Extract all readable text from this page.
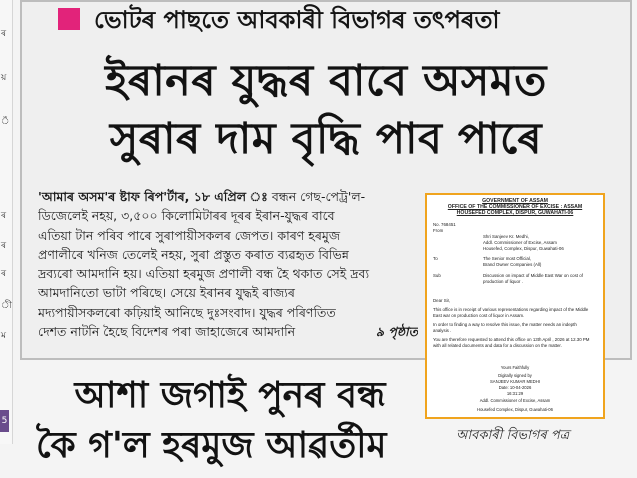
ৰ
য়
ঁ
ৰ
ৰ
ৰ
ী
ম
5
ভোটৰ পাছতে আবকাৰী বিভাগৰ তৎপৰতা
ইৰানৰ যুদ্ধৰ বাবে অসমত
সুৰাৰ দাম বৃদ্ধি পাব পাৰে
'আমাৰ অসম'ৰ ষ্টাফ ৰিপ'ৰ্টাৰ, ১৮ এপ্ৰিল ঃ বন্ধন গেছ-পেট্ৰ'ল-
ডিজেলেই নহয়, ৩,৫০০ কিলোমিটাৰৰ দূৰৰ ইৰান-যুদ্ধৰ বাবে
এতিয়া টান পৰিব পাৰে সুৰাপায়ীসকলৰ জেপত। কাৰণ হৰমুজ
প্ৰণালীৰে খনিজ তেলেই নহয়, সুৰা প্ৰস্তুত কৰাত ব্যৱহৃত বিভিন্ন
দ্ৰব্যৰো আমদানি হয়। এতিয়া হৰমুজ প্ৰণালী বন্ধ হৈ থকাত সেই দ্ৰব্য
আমদানিতো ভাটা পৰিছে। সেয়ে ইৰানৰ যুদ্ধই ৰাজ্যৰ
মদ্যপায়ীসকলৰো কঢ়িয়াই আনিছে দুঃসংবাদ। যুদ্ধৰ পৰিণতিত
দেশত নাটনি হৈছে বিদেশৰ পৰা জাহাজেৰে আমদানি	৯ পৃষ্ঠাত
GOVERNMENT OF ASSAM
OFFICE OF THE COMMISSIONER OF EXCISE : ASSAM
HOUSEFED COMPLEX, DISPUR, GUWAHATI-06
No. 768451
From
Shri Sanjeev Kr. Medhi,
Addl. Commissioner of Excise, Assam
Housefed, Complex, Dispur, Guwahati-06
To	The Senior most Official,
Brand Owner Companies (All)
Sub	Discussion on impact of Middle East War on cost of production of liquor .
Dear Sir,
This office is in receipt of various representations regarding impact of the Middle East war on production cost of liquor in Assam.
In order to finding a way to resolve this issue, the matter needs an indepth analysis .
You are therefore requested to attend this office on 13th April , 2026 at 12.30 PM with all related documents and data for a discussion on the matter.
Yours Faithfully
Digitally signed by
SANJEEV KUMAR MEDHI
Date: 10-04-2026
16:31:29
Addl. Commissioner of Excise, Assam
Housefed Complex, Dispur, Guwahati-06
আশা জগাই পুনৰ বন্ধ
কৈ গ'ল হৰমুজ আৱৰ্তীম	আবকাৰী বিভাগৰ পত্ৰ
